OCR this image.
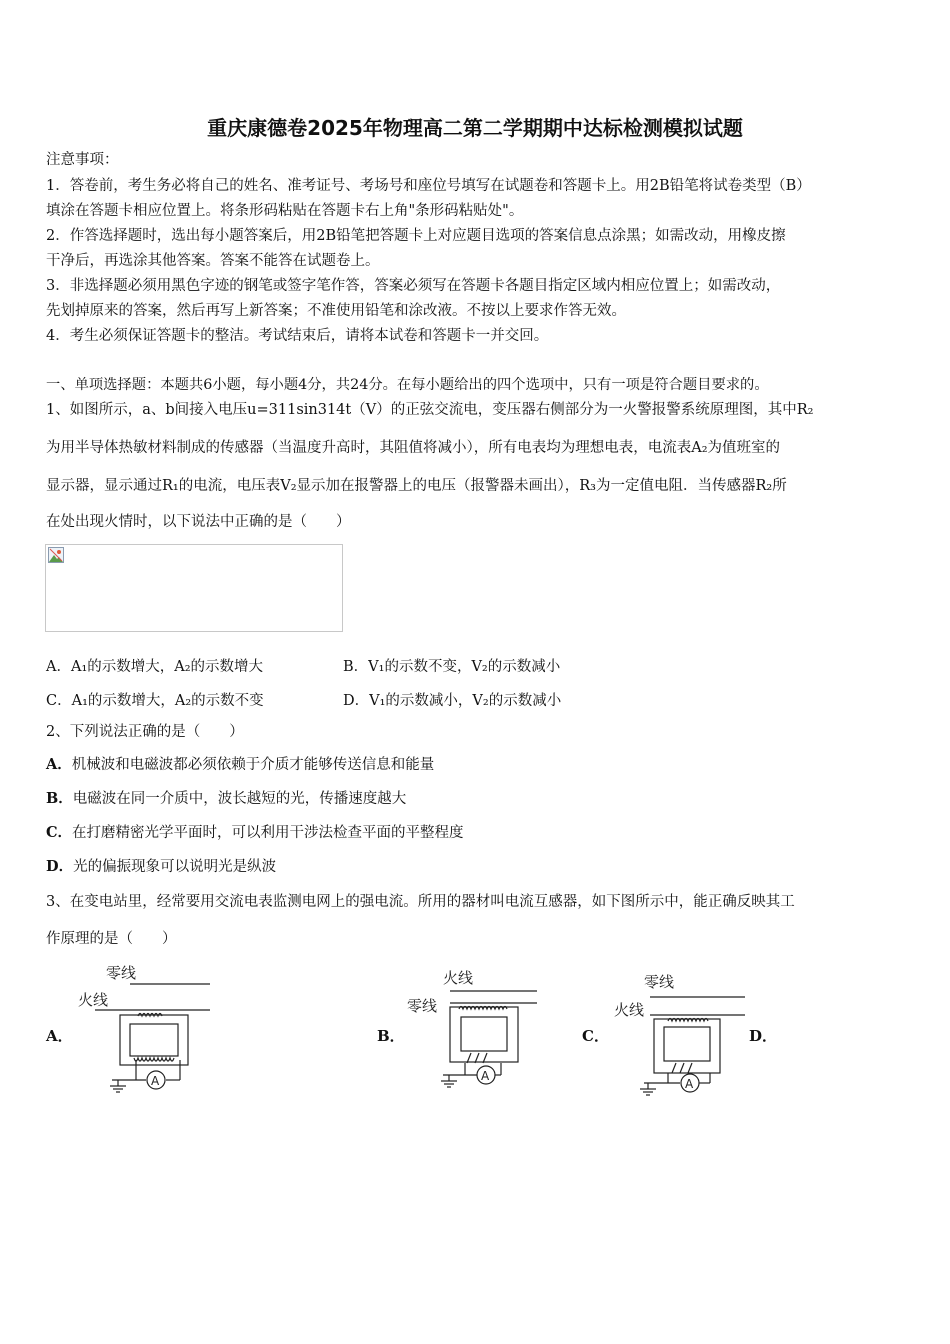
重庆康德卷2025年物理高二第二学期期中达标检测模拟试题
注意事项：
1．答卷前，考生务必将自己的姓名、准考证号、考场号和座位号填写在试题卷和答题卡上。用2B铅笔将试卷类型（B）
填涂在答题卡相应位置上。将条形码粘贴在答题卡右上角"条形码粘贴处"。
2．作答选择题时，选出每小题答案后，用2B铅笔把答题卡上对应题目选项的答案信息点涂黑；如需改动，用橡皮擦
干净后，再选涂其他答案。答案不能答在试题卷上。
3．非选择题必须用黑色字迹的钢笔或签字笔作答，答案必须写在答题卡各题目指定区域内相应位置上；如需改动，
先划掉原来的答案，然后再写上新答案；不准使用铅笔和涂改液。不按以上要求作答无效。
4．考生必须保证答题卡的整洁。考试结束后，请将本试卷和答题卡一并交回。
一、单项选择题：本题共6小题，每小题4分，共24分。在每小题给出的四个选项中，只有一项是符合题目要求的。
1、如图所示，a、b间接入电压u=311sin314t（V）的正弦交流电，变压器右侧部分为一火警报警系统原理图，其中R₂
为用半导体热敏材料制成的传感器（当温度升高时，其阻值将减小），所有电表均为理想电表，电流表A₂为值班室的
显示器，显示通过R₁的电流，电压表V₂显示加在报警器上的电压（报警器未画出），R₃为一定值电阻．当传感器R₂所
在处出现火情时，以下说法中正确的是（　　）
A．A₁的示数增大，A₂的示数增大	B．V₁的示数不变，V₂的示数减小
C．A₁的示数增大，A₂的示数不变	D．V₁的示数减小，V₂的示数减小
2、下列说法正确的是（　　）
A．机械波和电磁波都必须依赖于介质才能够传送信息和能量
B．电磁波在同一介质中，波长越短的光，传播速度越大
C．在打磨精密光学平面时，可以利用干涉法检查平面的平整程度
D．光的偏振现象可以说明光是纵波
3、在变电站里，经常要用交流电表监测电网上的强电流。所用的器材叫电流互感器，如下图所示中，能正确反映其工
作原理的是（　　）
A．	B．	C．	D．
零线
火线
A
火线
零线
A
零线
火线
A
